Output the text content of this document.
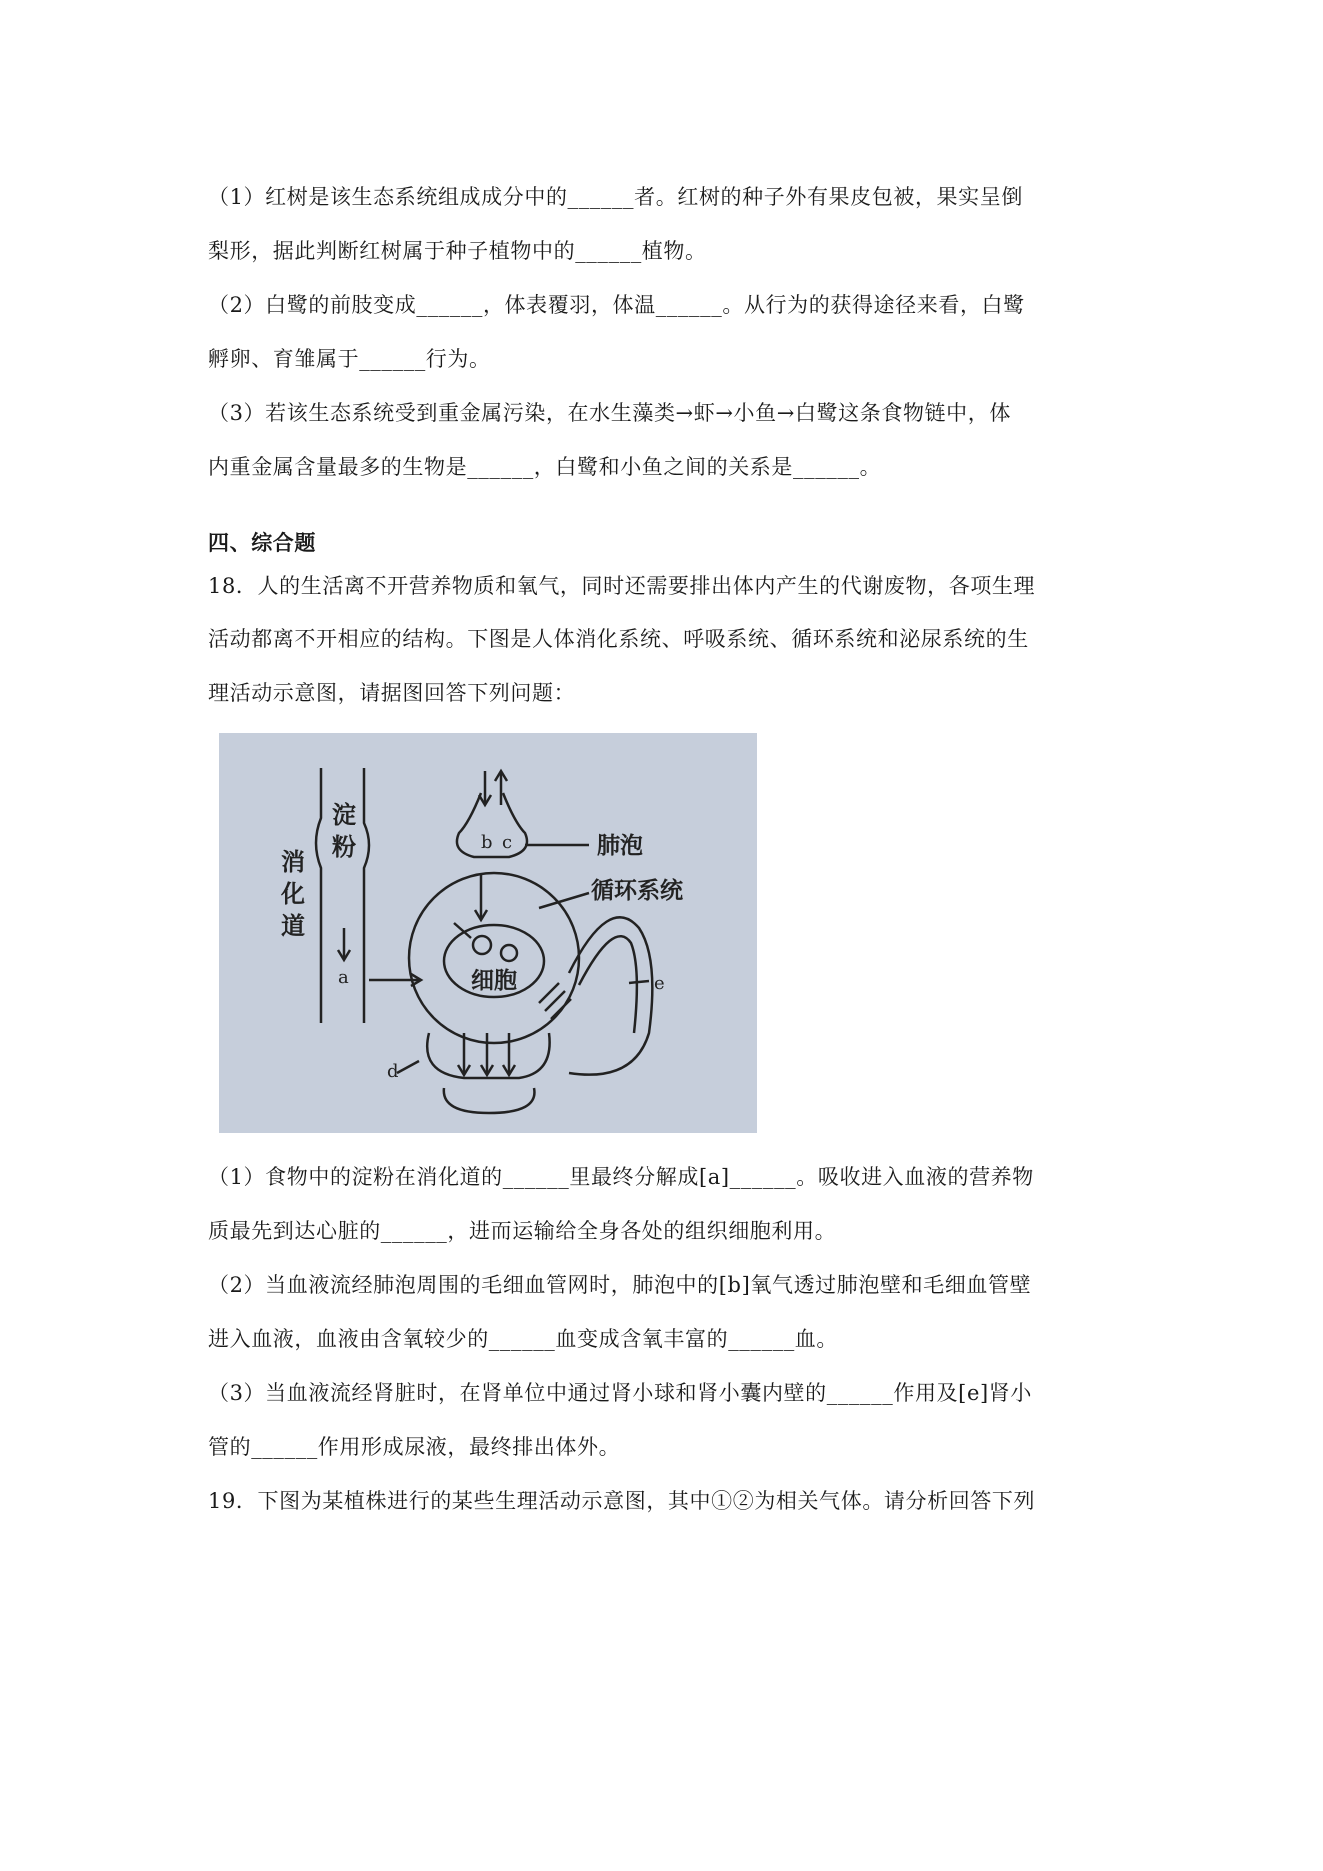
（1）红树是该生态系统组成成分中的______者。红树的种子外有果皮包被，果实呈倒
梨形，据此判断红树属于种子植物中的______植物。
（2）白鹭的前肢变成______，体表覆羽，体温______。从行为的获得途径来看，白鹭
孵卵、育雏属于______行为。
（3）若该生态系统受到重金属污染，在水生藻类→虾→小鱼→白鹭这条食物链中，体
内重金属含量最多的生物是______，白鹭和小鱼之间的关系是______。
四、综合题
18．人的生活离不开营养物质和氧气，同时还需要排出体内产生的代谢废物，各项生理
活动都离不开相应的结构。下图是人体消化系统、呼吸系统、循环系统和泌尿系统的生
理活动示意图，请据图回答下列问题：
淀
粉
消
化
道
肺泡
循环系统
细胞
a
b c
d
e
（1）食物中的淀粉在消化道的______里最终分解成[a]______。吸收进入血液的营养物
质最先到达心脏的______，进而运输给全身各处的组织细胞利用。
（2）当血液流经肺泡周围的毛细血管网时，肺泡中的[b]氧气透过肺泡壁和毛细血管壁
进入血液，血液由含氧较少的______血变成含氧丰富的______血。
（3）当血液流经肾脏时，在肾单位中通过肾小球和肾小囊内壁的______作用及[e]肾小
管的______作用形成尿液，最终排出体外。
19．下图为某植株进行的某些生理活动示意图，其中①②为相关气体。请分析回答下列
